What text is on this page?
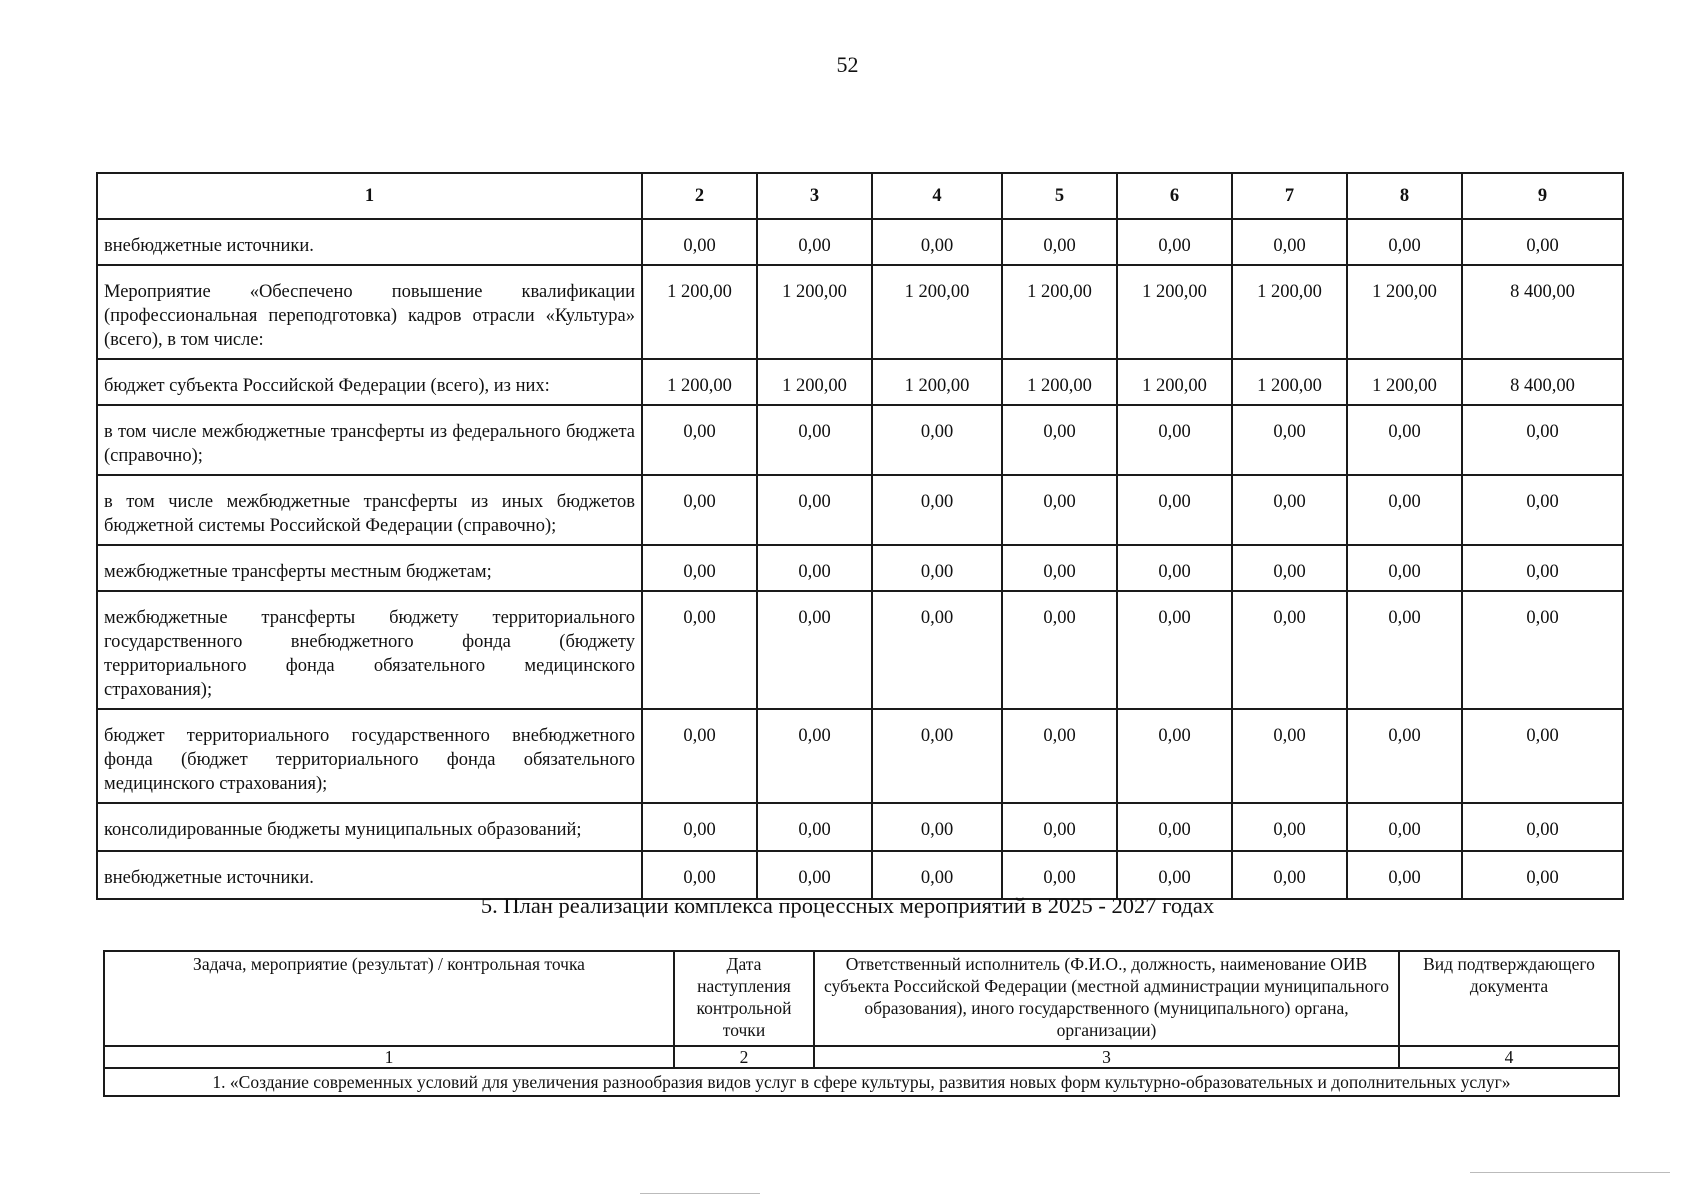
52
1	2	3	4	5	6	7	8	9
внебюджетные источники.	0,00	0,00	0,00	0,00	0,00	0,00	0,00	0,00
Мероприятие «Обеспечено повышение квалификации (профессиональная переподготовка) кадров отрасли «Культура» (всего), в том числе:	1 200,00	1 200,00	1 200,00	1 200,00	1 200,00	1 200,00	1 200,00	8 400,00
бюджет субъекта Российской Федерации (всего), из них:	1 200,00	1 200,00	1 200,00	1 200,00	1 200,00	1 200,00	1 200,00	8 400,00
в том числе межбюджетные трансферты из федерального бюджета (справочно);	0,00	0,00	0,00	0,00	0,00	0,00	0,00	0,00
в том числе межбюджетные трансферты из иных бюджетов бюджетной системы Российской Федерации (справочно);	0,00	0,00	0,00	0,00	0,00	0,00	0,00	0,00
межбюджетные трансферты местным бюджетам;	0,00	0,00	0,00	0,00	0,00	0,00	0,00	0,00
межбюджетные трансферты бюджету территориального государственного внебюджетного фонда (бюджету территориального фонда обязательного медицинского страхования);	0,00	0,00	0,00	0,00	0,00	0,00	0,00	0,00
бюджет территориального государственного внебюджетного фонда (бюджет территориального фонда обязательного медицинского страхования);	0,00	0,00	0,00	0,00	0,00	0,00	0,00	0,00
консолидированные бюджеты муниципальных образований;	0,00	0,00	0,00	0,00	0,00	0,00	0,00	0,00
внебюджетные источники.	0,00	0,00	0,00	0,00	0,00	0,00	0,00	0,00
5. План реализации комплекса процессных мероприятий в 2025 - 2027 годах
Задача, мероприятие (результат) / контрольная точка	Дата наступления контрольной точки	Ответственный исполнитель (Ф.И.О., должность, наименование ОИВ субъекта Российской Федерации (местной администрации муниципального образования), иного государственного (муниципального) органа, организации)	Вид подтверждающего документа
1	2	3	4
1. «Создание современных условий для увеличения разнообразия видов услуг в сфере культуры, развития новых форм культурно-образовательных и дополнительных услуг»			
